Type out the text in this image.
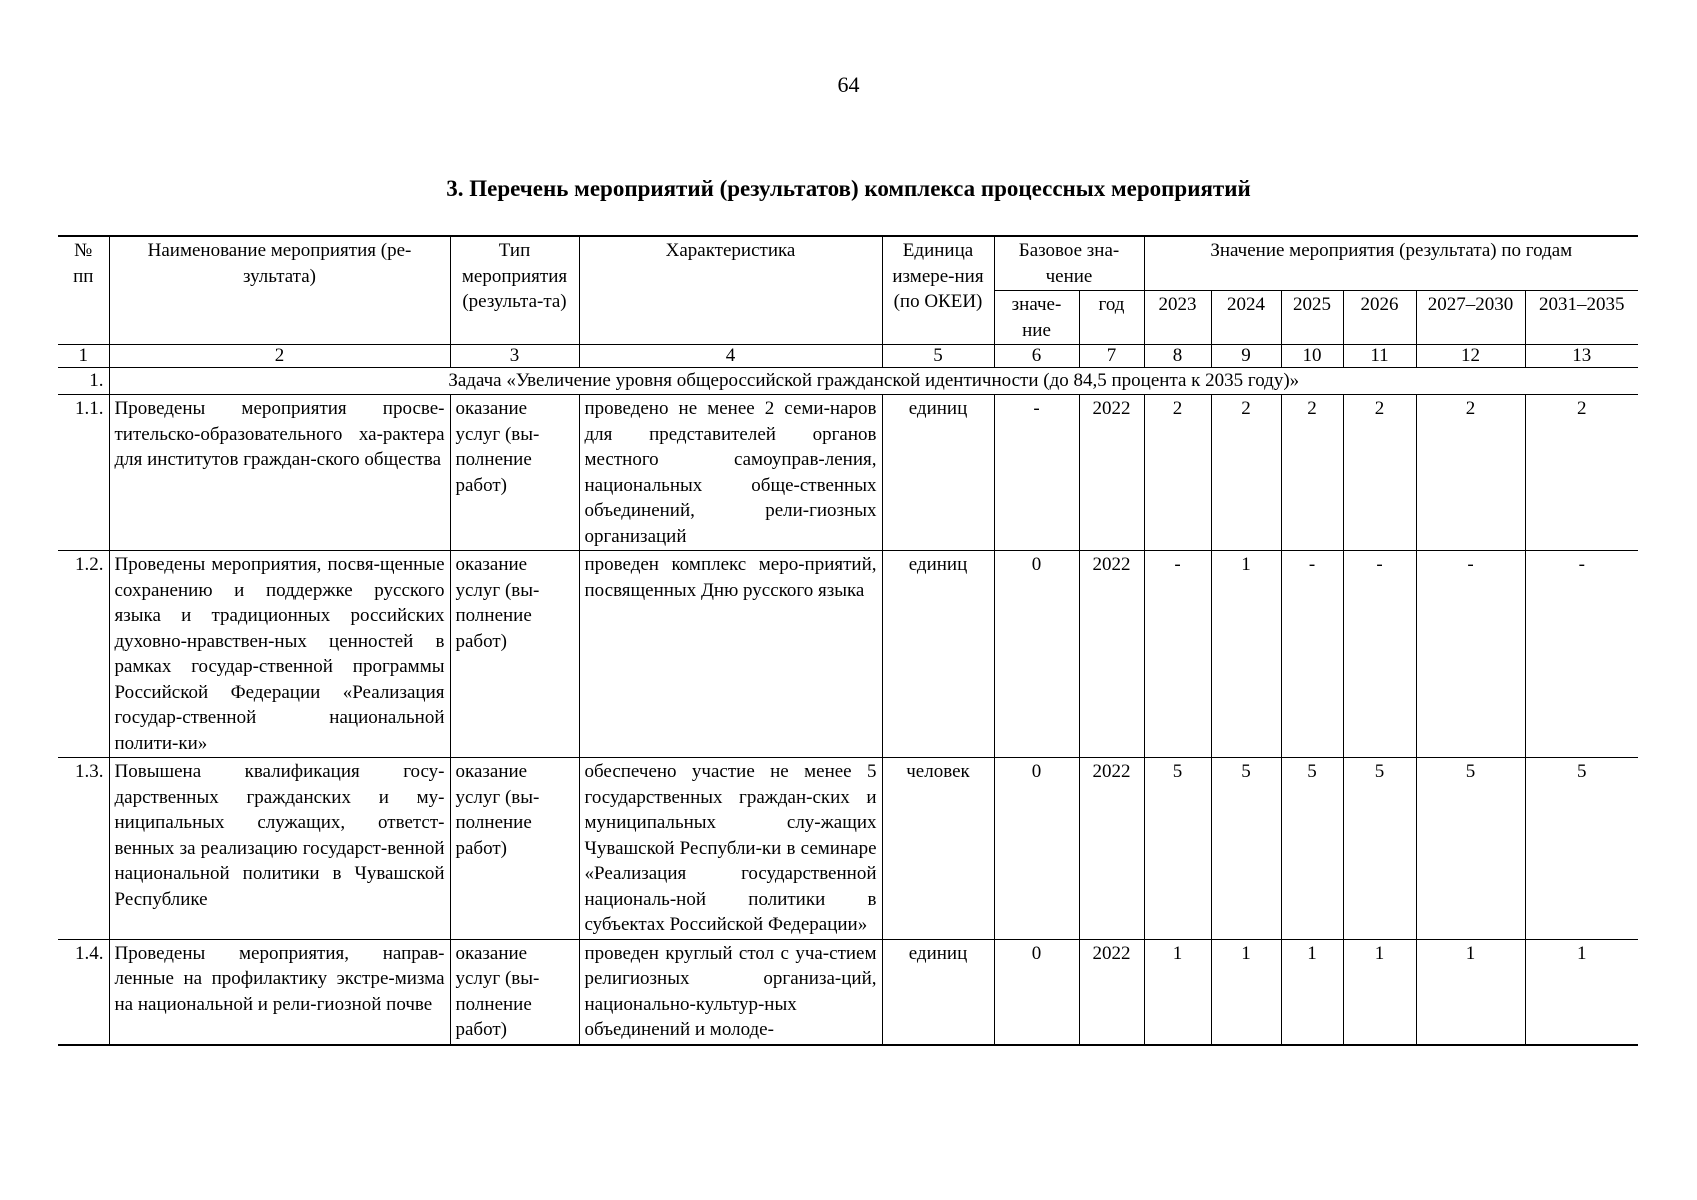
64
3. Перечень мероприятий (результатов) комплекса процессных мероприятий
№ пп	Наименование мероприятия (ре-зультата)	Тип мероприятия (результа-та)	Характеристика	Единица измере-ния (по ОКЕИ)	Базовое зна-чение		Значение мероприятия (результата) по годам					
					значе-ние	год	2023	2024	2025	2026	2027–2030	2031–2035
1	2	3	4	5	6	7	8	9	10	11	12	13
1.	Задача «Увеличение уровня общероссийской гражданской идентичности (до 84,5 процента к 2035 году)»											
1.1.	Проведены мероприятия просве-тительско-образовательного ха-рактера для институтов граждан-ского общества	оказание услуг (вы-полнение работ)	проведено не менее 2 семи-наров для представителей органов местного самоуправ-ления, национальных обще-ственных объединений, рели-гиозных организаций	единиц	-	2022	2	2	2	2	2	2
1.2.	Проведены мероприятия, посвя-щенные сохранению и поддержке русского языка и традиционных российских духовно-нравствен-ных ценностей в рамках государ-ственной программы Российской Федерации «Реализация государ-ственной национальной полити-ки»	оказание услуг (вы-полнение работ)	проведен комплекс меро-приятий, посвященных Дню русского языка	единиц	0	2022	-	1	-	-	-	-
1.3.	Повышена квалификация госу-дарственных гражданских и му-ниципальных служащих, ответст-венных за реализацию государст-венной национальной политики в Чувашской Республике	оказание услуг (вы-полнение работ)	обеспечено участие не менее 5 государственных граждан-ских и муниципальных слу-жащих Чувашской Республи-ки в семинаре «Реализация государственной националь-ной политики в субъектах Российской Федерации»	человек	0	2022	5	5	5	5	5	5
1.4.	Проведены мероприятия, направ-ленные на профилактику экстре-мизма на национальной и рели-гиозной почве	оказание услуг (вы-полнение работ)	проведен круглый стол с уча-стием религиозных организа-ций, национально-культур-ных объединений и молоде-	единиц	0	2022	1	1	1	1	1	1
